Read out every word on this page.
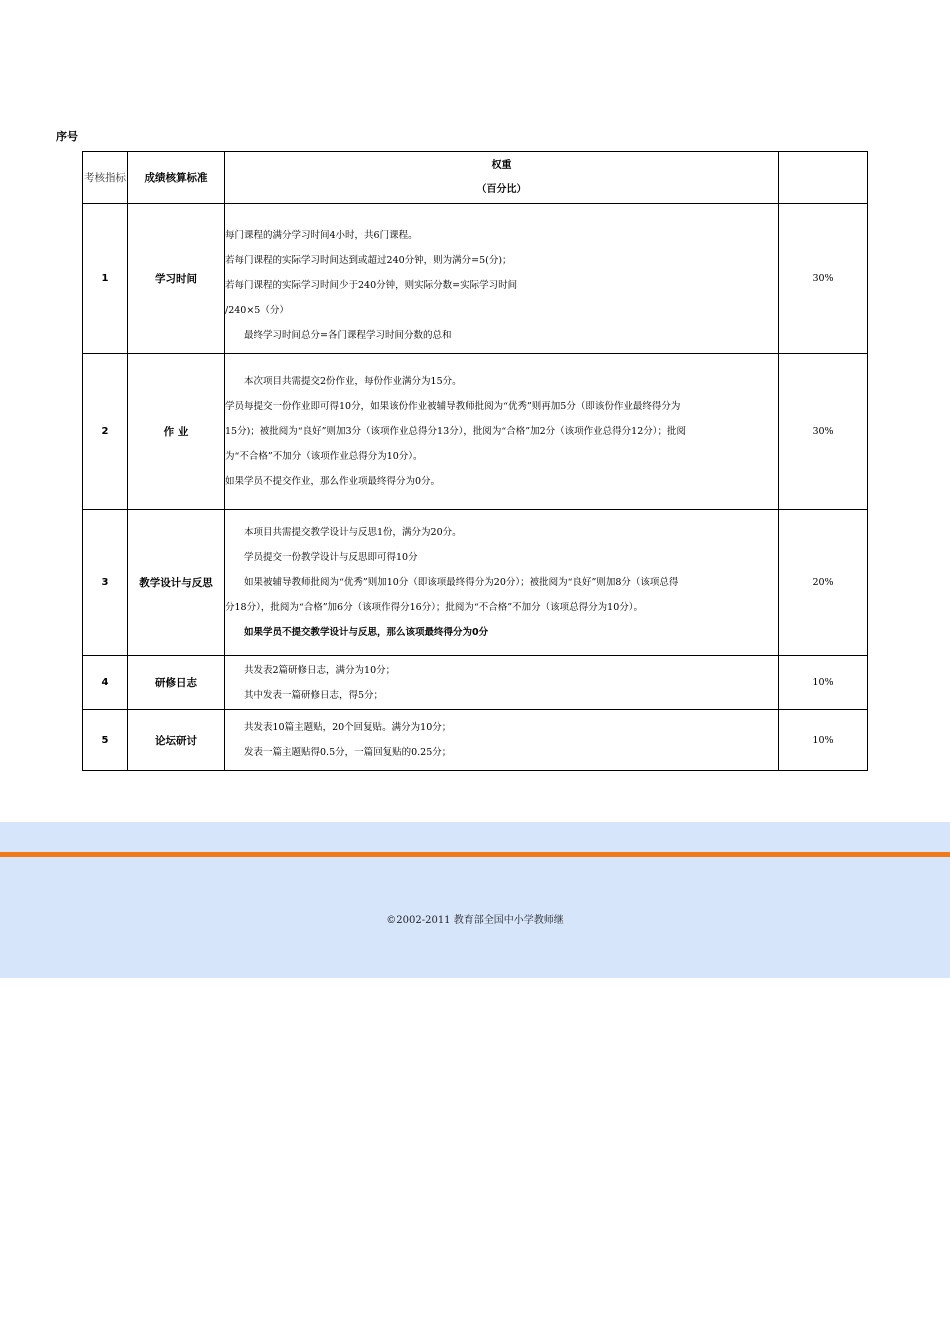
序号
考核指标	成绩核算标准	权重
（百分比）	

1	学习时间	每门课程的满分学习时间4小时，共6门课程。

若每门课程的实际学习时间达到或超过240分钟，则为满分=5(分)；

若每门课程的实际学习时间少于240分钟，则实际分数=实际学习时间

/240×5（分）

最终学习时间总分=各门课程学习时间分数的总和	30%
2	作 业	本次项目共需提交2份作业，每份作业满分为15分。

学员每提交一份作业即可得10分，如果该份作业被辅导教师批阅为“优秀”则再加5分（即该份作业最终得分为

15分)；被批阅为“良好”则加3分（该项作业总得分13分），批阅为“合格”加2分（该项作业总得分12分）；批阅

为“不合格”不加分（该项作业总得分为10分）。

如果学员不提交作业，那么作业项最终得分为0分。	30%
3	教学设计与反思	本项目共需提交教学设计与反思1份，满分为20分。

学员提交一份教学设计与反思即可得10分

如果被辅导教师批阅为“优秀”则加10分（即该项最终得分为20分）；被批阅为“良好”则加8分（该项总得

分18分），批阅为“合格”加6分（该项作得分16分）；批阅为“不合格”不加分（该项总得分为10分）。

如果学员不提交教学设计与反思，那么该项最终得分为0分	20%
4	研修日志	共发表2篇研修日志，满分为10分；

其中发表一篇研修日志，得5分；	10%
5	论坛研讨	共发表10篇主题贴，20个回复贴。满分为10分；

发表一篇主题贴得0.5分，一篇回复贴的0.25分；	10%
©2002-2011 教育部全国中小学教师继
